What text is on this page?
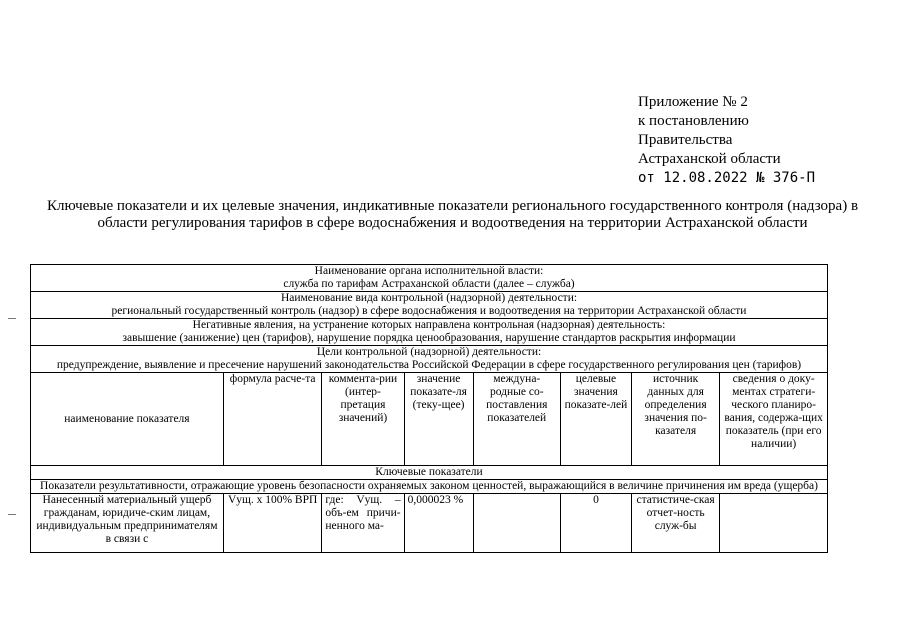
Приложение № 2
к постановлению
Правительства
Астраханской области
от 12.08.2022 № 376-П
Ключевые показатели и их целевые значения, индикативные показатели регионального государственного контроля (надзора) в области регулирования тарифов в сфере водоснабжения и водоотведения на территории Астраханской области
Наименование органа исполнительной власти:
служба по тарифам Астраханской области (далее – служба)							

Наименование вида контрольной (надзорной) деятельности:
региональный государственный контроль (надзор) в сфере водоснабжения и водоотведения на территории Астраханской области							

Негативные явления, на устранение которых направлена контрольная (надзорная) деятельность:
завышение (занижение) цен (тарифов), нарушение порядка ценообразования, нарушение стандартов раскрытия информации							

Цели контрольной (надзорной) деятельности:
предупреждение, выявление и пресечение нарушений законодательства Российской Федерации в сфере государственного регулирования цен (тарифов)							

наименование показателя	формула расче-та	коммента-рии (интер-претация значений)	значение показате-ля (теку-щее)	междуна-родные со-поставления показателей	целевые значения показате-лей	источник данных для определения значения по-казателя	сведения о доку-ментах стратеги-ческого планиро-вания, содержа-щих показатель (при его наличии)
Ключевые показатели							
Показатели результативности, отражающие уровень безопасности охраняемых законом ценностей, выражающийся в величине причинения им вреда (ущерба)							
Нанесенный материальный ущерб гражданам, юридиче-ским лицам, индивидуальным предпринимателям в связи с	Vущ. x 100% ВРП	где: Vущ. – объ-ем причи-ненного ма-	0,000023 %		0	статистиче-ская отчет-ность служ-бы	
